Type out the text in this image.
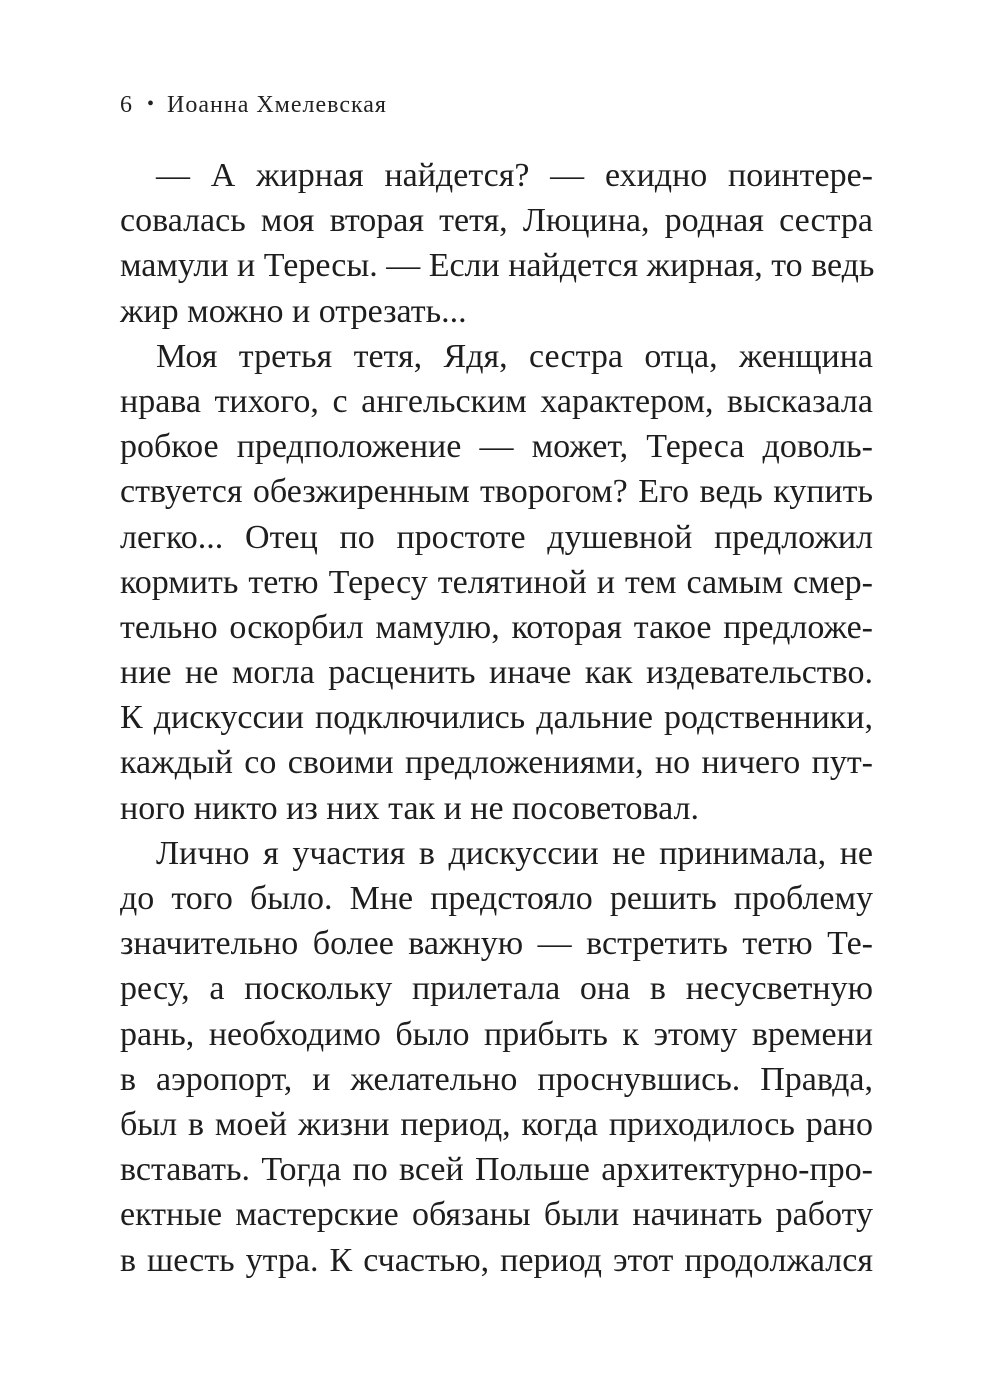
6 • Иоанна Хмелевская
— А жирная найдется? — ехидно поинтере-
совалась моя вторая тетя, Люцина, родная сестра
мамули и Тересы. — Если найдется жирная, то ведь
жир можно и отрезать...
Моя третья тетя, Ядя, сестра отца, женщина
нрава тихого, с ангельским характером, высказала
робкое предположение — может, Тереса доволь-
ствуется обезжиренным творогом? Его ведь купить
легко... Отец по простоте душевной предложил
кормить тетю Тересу телятиной и тем самым смер-
тельно оскорбил мамулю, которая такое предложе-
ние не могла расценить иначе как издевательство.
К дискуссии подключились дальние родственники,
каждый со своими предложениями, но ничего пут-
ного никто из них так и не посоветовал.
Лично я участия в дискуссии не принимала, не
до того было. Мне предстояло решить проблему
значительно более важную — встретить тетю Те-
ресу, а поскольку прилетала она в несусветную
рань, необходимо было прибыть к этому времени
в аэропорт, и желательно проснувшись. Правда,
был в моей жизни период, когда приходилось рано
вставать. Тогда по всей Польше архитектурно-про-
ектные мастерские обязаны были начинать работу
в шесть утра. К счастью, период этот продолжался
